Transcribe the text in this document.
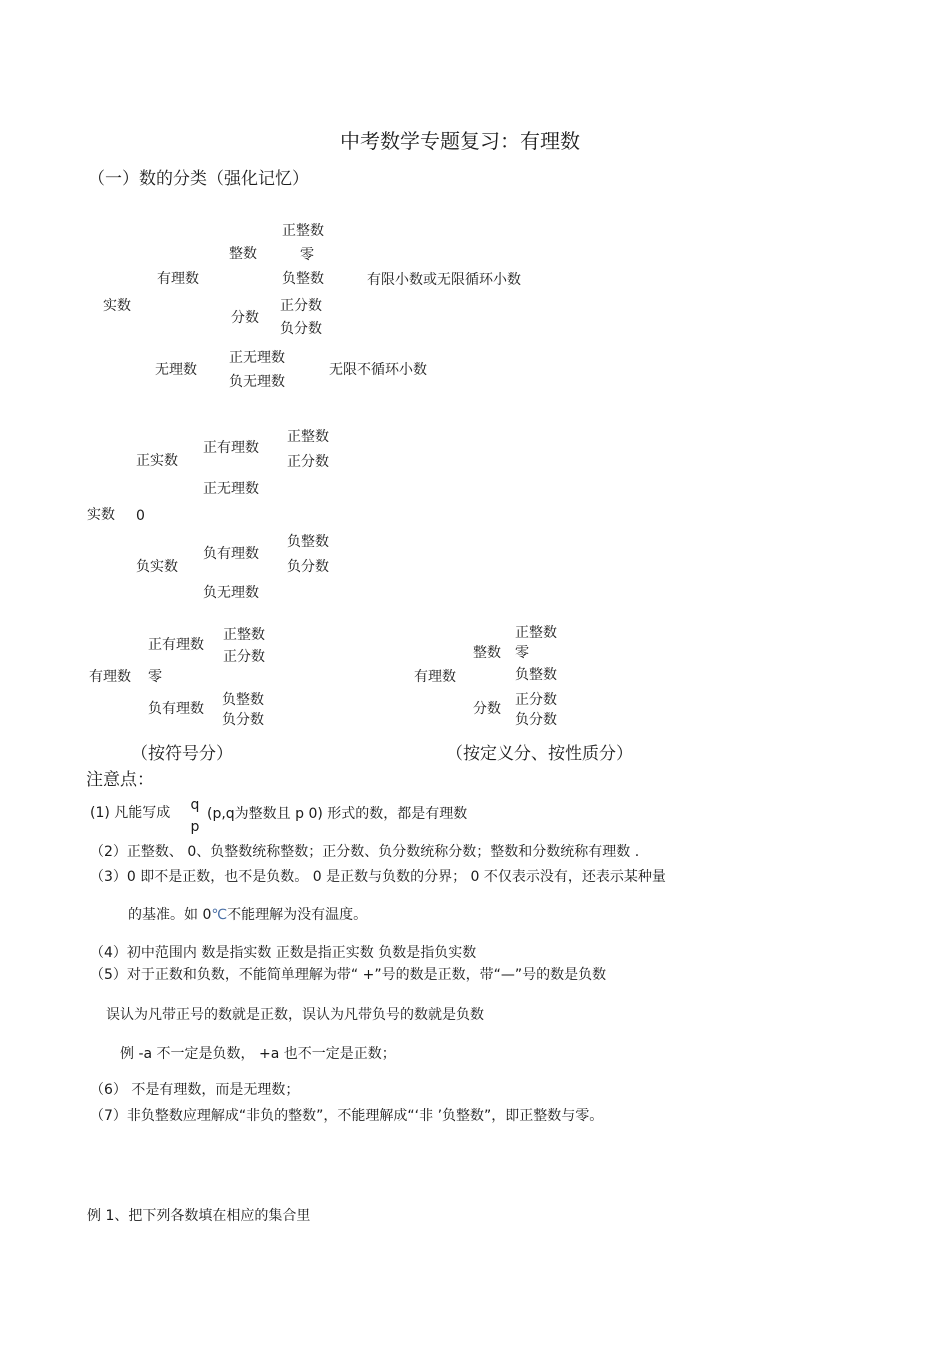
中考数学专题复习：有理数
（一）数的分类（强化记忆）
实数
有理数
整数
正整数
零
负整数	有限小数或无限循环小数
分数
正分数
负分数
无理数
正无理数
负无理数
无限不循环小数
实数
正实数
正有理数
正整数
正分数
正无理数
0
负实数
负有理数
负整数
负分数
负无理数
有理数
正有理数
正整数
正分数
零
负有理数
负整数
负分数
（按符号分）
有理数
整数
正整数
零
负整数
分数
正分数
负分数
（按定义分、按性质分）
注意点：
(1) 凡能写成 q
p
(p,q为整数且 p 0) 形式的数，都是有理数
（2）正整数、 0、负整数统称整数；正分数、负分数统称分数；整数和分数统称有理数 .
（3）0 即不是正数，也不是负数。 0 是正数与负数的分界； 0 不仅表示没有，还表示某种量
的基准。如 0℃不能理解为没有温度。
（4）初中范围内 数是指实数 正数是指正实数 负数是指负实数
（5）对于正数和负数，不能简单理解为带“ +”号的数是正数，带“—”号的数是负数
误认为凡带正号的数就是正数，误认为凡带负号的数就是负数
例 -a 不一定是负数， +a 也不一定是正数；
（6） 不是有理数，而是无理数；
（7）非负整数应理解成“非负的整数”，不能理解成“‘非 ’负整数”，即正整数与零。
例 1、把下列各数填在相应的集合里
